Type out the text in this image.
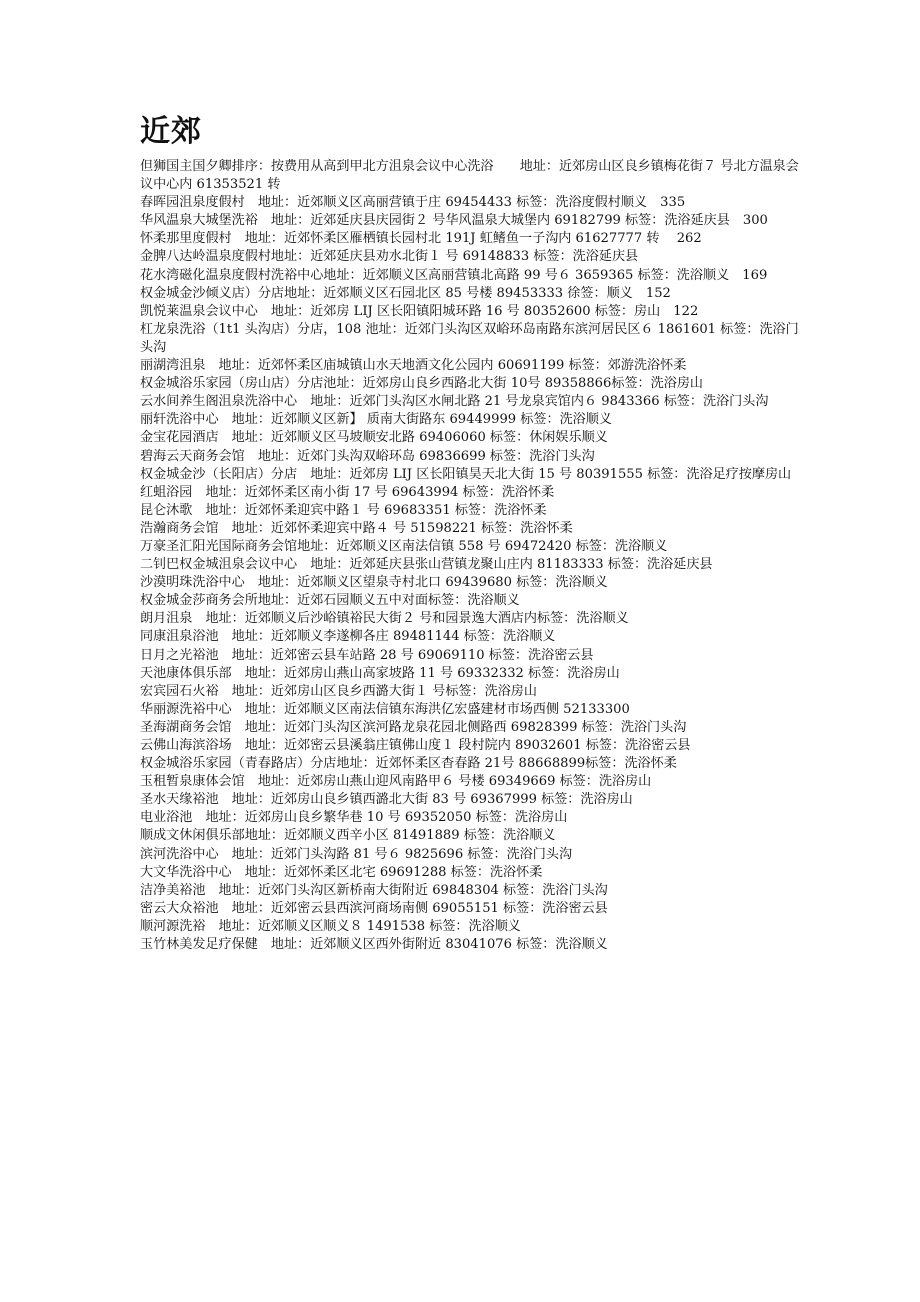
近郊
但狮国主国夕卿排序：按费用从高到甲北方沮泉会议中心洗浴　　地址：近郊房山区良乡镇梅花街７ 号北方温泉会议中心内 61353521 转
春晖园沮泉度假村　地址：近郊顺义区高丽营镇于庄 69454433 标签：洗浴度假村顺义　335
华风温泉大城堡洗裕　地址：近郊延庆县庆园街２ 号华风温泉大城堡内 69182799 标签：洗浴延庆县　300
怀柔那里度假村　地址：近郊怀柔区雁栖镇长园村北 191J 虹鳍鱼一子沟内 61627777 转　 262
金脾八达岭温泉度假村地址：近郊延庆县劝水北街１ 号 69148833 标签：洗浴延庆县
花水湾磁化温泉度假村洗裕中心地址：近郊顺义区高丽营镇北高路 99 号６ 3659365 标签：洗浴顺义　169
权金城金沙倾义店）分店地址：近郊顺义区石园北区 85 号楼 89453333 徐签：顺义　152
凯悦莱温泉会议中心　地址：近郊房 LIJ 区长阳镇阳城环路 16 号 80352600 标签：房山　122
杠龙泉洗浴（1t1 头沟店）分店，108 池址：近郊门头沟区双峪环岛南路东滨河居民区６ 1861601 标签：洗浴门头沟
丽湖湾沮泉　地址：近郊怀柔区庙城镇山水天地酒文化公园内 60691199 标签：郊游洗浴怀柔
权金城浴乐家园（房山店）分店池址：近郊房山良乡西路北大街 10号 89358866标签：洗浴房山
云水间养生阁沮泉洗浴中心　地址：近郊门头沟区水闸北路 21 号龙泉宾馆内６ 9843366 标签：洗浴门头沟
丽轩洗浴中心　地址：近郊顺义区新】 质南大街路东 69449999 标签：洗浴顺义
金宝花园酒店　地址：近郊顺义区马坡顺安北路 69406060 标签：休闲娱乐顺义
碧海云天商务会馆　地址：近郊门头沟双峪环岛 69836699 标签：洗浴门头沟
权金城金沙（长阳店）分店　地址：近郊房 LIJ 区长阳镇昊天北大街 15 号 80391555 标签：洗浴足疗按摩房山
红蛆浴园　地址：近郊怀柔区南小街 17 号 69643994 标签：洗浴怀柔
昆仑沐歌　地址：近郊怀柔迎宾中路１ 号 69683351 标签：洗浴怀柔
浩瀚商务会馆　地址：近郊怀柔迎宾中路４ 号 51598221 标签：洗浴怀柔
万豪圣汇阳光国际商务会馆地址：近郊顺义区南法信镇 558 号 69472420 标签：洗浴顺义
二钊巴权金城沮泉会议中心　地址：近郊延庆县张山营镇龙聚山庄内 81183333 标签：洗浴延庆县
沙漠明珠洗浴中心　地址：近郊顺义区望泉寺村北口 69439680 标签：洗浴顺义
权金城金莎商务会所地址：近郊石园顺义五中对面标签：洗浴顺义
朗月沮泉　地址：近郊顺义后沙峪镇裕民大街２ 号和园景逸大酒店内标签：洗浴顺义
同康沮泉浴池　地址：近郊顺义李遂柳各庄 89481144 标签：洗浴顺义
日月之光裕池　地址：近郊密云县车站路 28 号 69069110 标签：洗浴密云县
天池康体俱乐部　地址：近郊房山燕山高家坡路 11 号 69332332 标签：洗浴房山
宏宾园石火裕　地址：近郊房山区良乡西潞大街１ 号标签：洗浴房山
华丽源洗裕中心　地址：近郊顺义区南法信镇东海洪亿宏盛建材市场西侧 52133300
圣海湖商务会馆　地址：近郊门头沟区滨河路龙泉花园北侧路西 69828399 标签：洗浴门头沟
云佛山海滨浴场　地址：近郊密云县溪翁庄镇佛山度１ 段村院内 89032601 标签：洗浴密云县
权金城浴乐家园（青春路店）分店地址：近郊怀柔区杳春路 21号 88668899标签：洗浴怀柔
玉租暂泉康体会馆　地址：近郊房山燕山迎风南路甲６ 号楼 69349669 标签：洗浴房山
圣水天缘裕池　地址：近郊房山良乡镇西潞北大街 83 号 69367999 标签：洗浴房山
电业浴池　地址：近郊房山良乡繁华巷 10 号 69352050 标签：洗浴房山
顺成文休闲俱乐部地址：近郊顺义西辛小区 81491889 标签：洗浴顺义
滨河洗浴中心　地址：近郊门头沟路 81 号６ 9825696 标签：洗浴门头沟
大文华洗浴中心　地址：近郊怀柔区北宅 69691288 标签：洗浴怀柔
洁净美裕池　地址：近郊门头沟区新桥南大街附近 69848304 标签：洗浴门头沟
密云大众裕池　地址：近郊密云县西滨河商场南侧 69055151 标签：洗浴密云县
顺河源洗裕　地址：近郊顺义区顺义８ 1491538 标签：洗浴顺义
玉竹林美发足疗保健　地址：近郊顺义区西外街附近 83041076 标签：洗浴顺义
